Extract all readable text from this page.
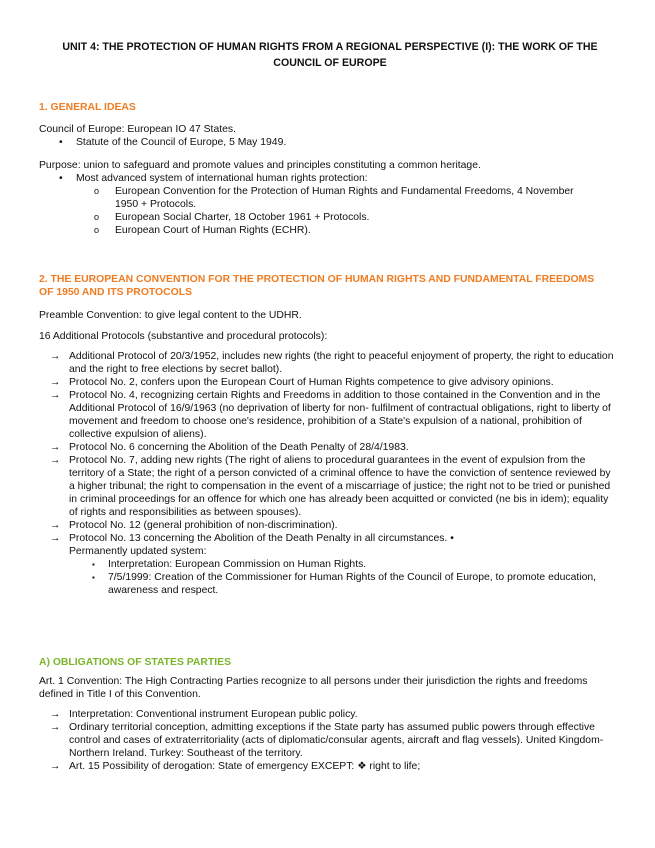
UNIT 4: THE PROTECTION OF HUMAN RIGHTS FROM A REGIONAL PERSPECTIVE (I): THE WORK OF THE COUNCIL OF EUROPE

1. GENERAL IDEAS

Council of Europe: European IO 47 States.

• Statute of the Council of Europe, 5 May 1949.

Purpose: union to safeguard and promote values and principles constituting a common heritage.

• Most advanced system of international human rights protection:
o European Convention for the Protection of Human Rights and Fundamental Freedoms, 4 November 1950 + Protocols.
o European Social Charter, 18 October 1961 + Protocols.
o European Court of Human Rights (ECHR).

2. THE EUROPEAN CONVENTION FOR THE PROTECTION OF HUMAN RIGHTS AND FUNDAMENTAL FREEDOMS OF 1950 AND ITS PROTOCOLS

Preamble Convention: to give legal content to the UDHR.

16 Additional Protocols (substantive and procedural protocols):

→ Additional Protocol of 20/3/1952, includes new rights (the right to peaceful enjoyment of property, the right to education and the right to free elections by secret ballot).
→ Protocol No. 2, confers upon the European Court of Human Rights competence to give advisory opinions.
→ Protocol No. 4, recognizing certain Rights and Freedoms in addition to those contained in the Convention and in the Additional Protocol of 16/9/1963 (no deprivation of liberty for non- fulfilment of contractual obligations, right to liberty of movement and freedom to choose one's residence, prohibition of a State's expulsion of a national, prohibition of collective expulsion of aliens).
→ Protocol No. 6 concerning the Abolition of the Death Penalty of 28/4/1983.
→ Protocol No. 7, adding new rights (The right of aliens to procedural guarantees in the event of expulsion from the territory of a State; the right of a person convicted of a criminal offence to have the conviction of sentence reviewed by a higher tribunal; the right to compensation in the event of a miscarriage of justice; the right not to be tried or punished in criminal proceedings for an offence for which one has already been acquitted or convicted (ne bis in idem); equality of rights and responsibilities as between spouses).
→ Protocol No. 12 (general prohibition of non-discrimination).
→ Protocol No. 13 concerning the Abolition of the Death Penalty in all circumstances. • Permanently updated system:
▪ Interpretation: European Commission on Human Rights.
▪ 7/5/1999: Creation of the Commissioner for Human Rights of the Council of Europe, to promote education, awareness and respect.

A) OBLIGATIONS OF STATES PARTIES

Art. 1 Convention: The High Contracting Parties recognize to all persons under their jurisdiction the rights and freedoms defined in Title I of this Convention.

→ Interpretation: Conventional instrument European public policy.
→ Ordinary territorial conception, admitting exceptions if the State party has assumed public powers through effective control and cases of extraterritoriality (acts of diplomatic/consular agents, aircraft and flag vessels). United Kingdom-Northern Ireland. Turkey: Southeast of the territory.
→ Art. 15 Possibility of derogation: State of emergency EXCEPT: ❖ right to life;
